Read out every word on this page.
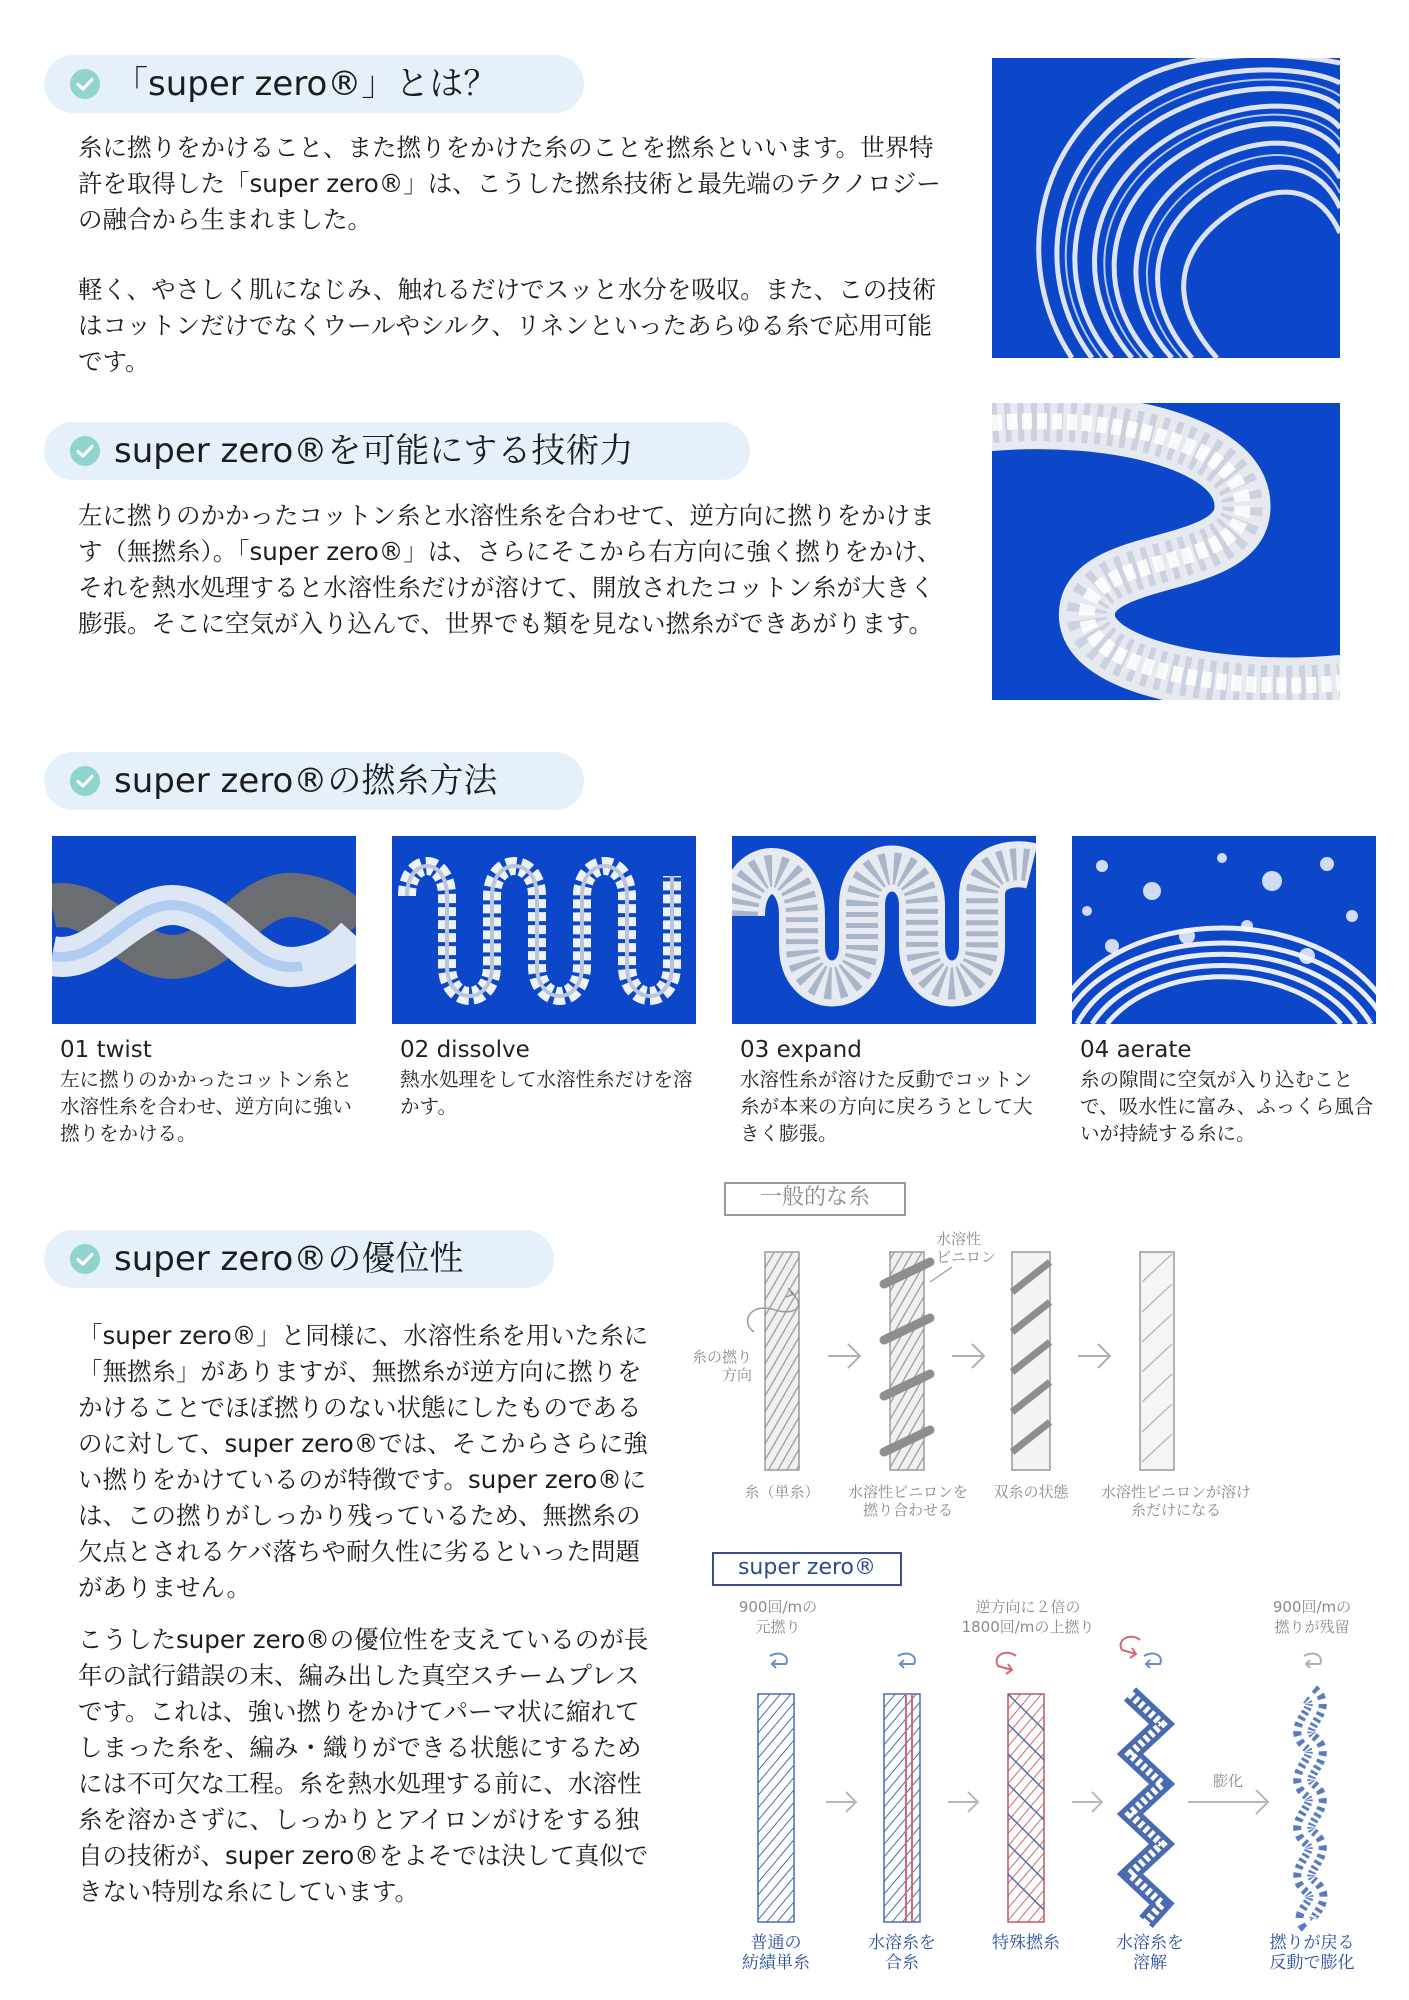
「super zero®」とは？

糸に撚りをかけること、また撚りをかけた糸のことを撚糸といいます。世界特許を取得した「super zero®」は、こうした撚糸技術と最先端のテクノロジーの融合から生まれました。

軽く、やさしく肌になじみ、触れるだけでスッと水分を吸収。また、この技術はコットンだけでなくウールやシルク、リネンといったあらゆる糸で応用可能です。

super zero®を可能にする技術力

左に撚りのかかったコットン糸と水溶性糸を合わせて、逆方向に撚りをかけます（無撚糸）。「super zero®」は、さらにそこから右方向に強く撚りをかけ、それを熱水処理すると水溶性糸だけが溶けて、開放されたコットン糸が大きく膨張。そこに空気が入り込んで、世界でも類を見ない撚糸ができあがります。

super zero®の撚糸方法
01 twist

左に撚りのかかったコットン糸と水溶性糸を合わせ、逆方向に強い撚りをかける。

02 dissolve

熱水処理をして水溶性糸だけを溶かす。

03 expand

水溶性糸が溶けた反動でコットン糸が本来の方向に戻ろうとして大きく膨張。

04 aerate

糸の隙間に空気が入り込むことで、吸水性に富み、ふっくら風合いが持続する糸に。

super zero®の優位性

「super zero®」と同様に、水溶性糸を用いた糸に「無撚糸」がありますが、無撚糸が逆方向に撚りをかけることでほぼ撚りのない状態にしたものであるのに対して、super zero®では、そこからさらに強い撚りをかけているのが特徴です。super zero®には、この撚りがしっかり残っているため、無撚糸の欠点とされるケバ落ちや耐久性に劣るといった問題がありません。

こうしたsuper zero®の優位性を支えているのが長年の試行錯誤の末、編み出した真空スチームプレスです。これは、強い撚りをかけてパーマ状に縮れてしまった糸を、編み・織りができる状態にするためには不可欠な工程。糸を熱水処理する前に、水溶性糸を溶かさずに、しっかりとアイロンがけをする独自の技術が、super zero®をよそでは決して真似できない特別な糸にしています。

一般的な糸
糸の撚り
方向
水溶性
ビニロン
糸（単糸） 水溶性ビニロンを
撚り合わせる
双糸の状態 水溶性ビニロンが溶け
糸だけになる
super zero®
900回/mの
元撚り
逆方向に２倍の
1800回/mの上撚り
900回/mの
撚りが残留
膨化
普通の
紡績単糸
水溶糸を
合糸
特殊撚糸	水溶糸を
溶解
撚りが戻る
反動で膨化
